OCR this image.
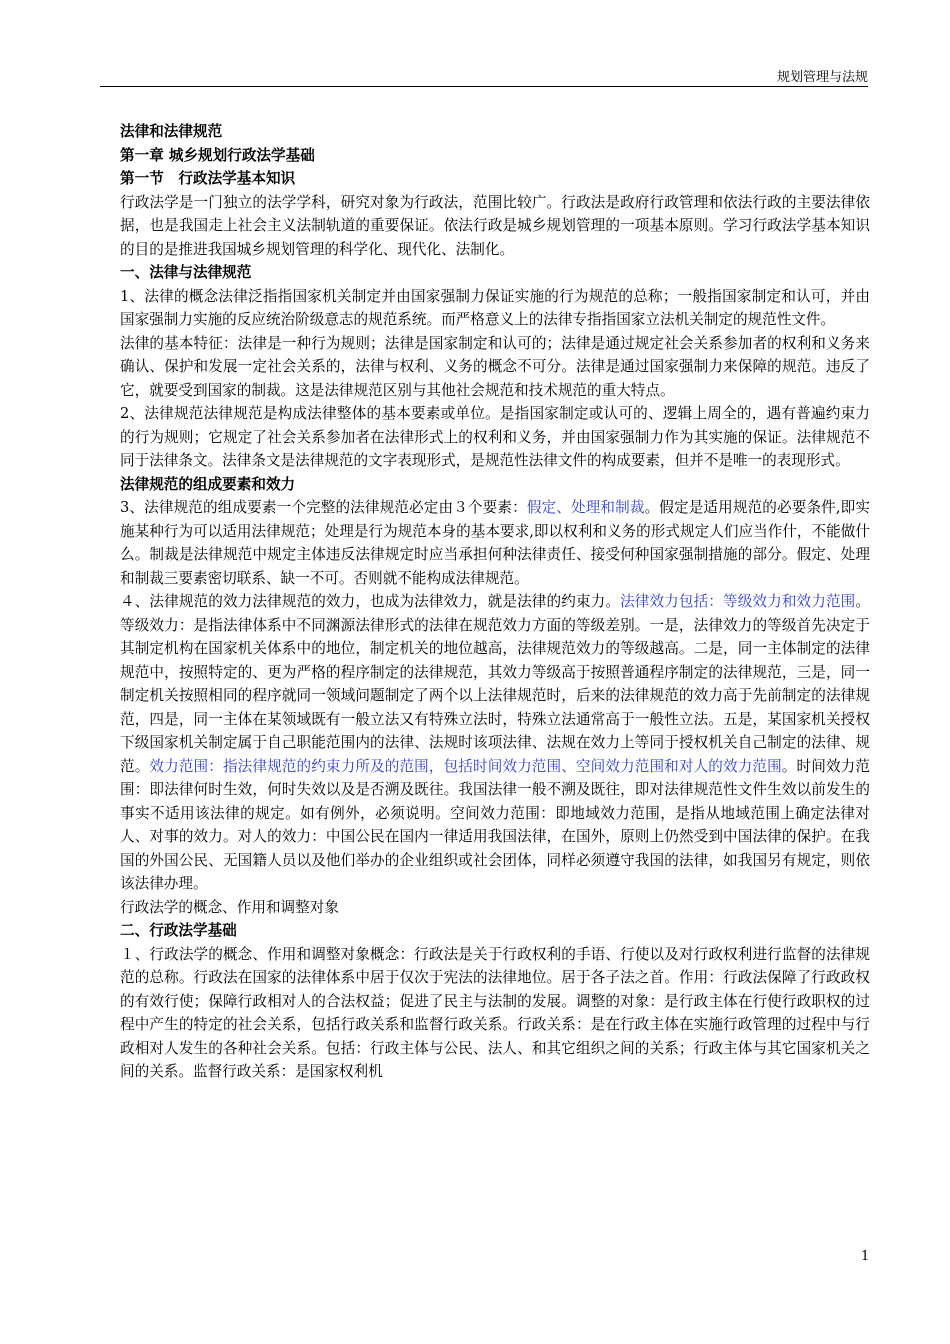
规划管理与法规

法律和法律规范

第一章 城乡规划行政法学基础

第一节　行政法学基本知识

行政法学是一门独立的法学学科，研究对象为行政法，范围比较广。行政法是政府行政管理和依法行政的主要法律依据，也是我国走上社会主义法制轨道的重要保证。依法行政是城乡规划管理的一项基本原则。学习行政法学基本知识的目的是推进我国城乡规划管理的科学化、现代化、法制化。

一、法律与法律规范

1、法律的概念法律泛指指国家机关制定并由国家强制力保证实施的行为规范的总称；一般指国家制定和认可，并由国家强制力实施的反应统治阶级意志的规范系统。而严格意义上的法律专指指国家立法机关制定的规范性文件。

法律的基本特征：法律是一种行为规则；法律是国家制定和认可的；法律是通过规定社会关系参加者的权利和义务来确认、保护和发展一定社会关系的，法律与权利、义务的概念不可分。法律是通过国家强制力来保障的规范。违反了它，就要受到国家的制裁。这是法律规范区别与其他社会规范和技术规范的重大特点。

2、法律规范法律规范是构成法律整体的基本要素或单位。是指国家制定或认可的、逻辑上周全的，遇有普遍约束力的行为规则；它规定了社会关系参加者在法律形式上的权利和义务，并由国家强制力作为其实施的保证。法律规范不同于法律条文。法律条文是法律规范的文字表现形式，是规范性法律文件的构成要素，但并不是唯一的表现形式。

法律规范的组成要素和效力

3、法律规范的组成要素一个完整的法律规范必定由３个要素：假定、处理和制裁。假定是适用规范的必要条件,即实施某种行为可以适用法律规范；处理是行为规范本身的基本要求,即以权利和义务的形式规定人们应当作什，不能做什么。制裁是法律规范中规定主体违反法律规定时应当承担何种法律责任、接受何种国家强制措施的部分。假定、处理和制裁三要素密切联系、缺一不可。否则就不能构成法律规范。

４、法律规范的效力法律规范的效力，也成为法律效力，就是法律的约束力。法律效力包括：等级效力和效力范围。等级效力：是指法律体系中不同渊源法律形式的法律在规范效力方面的等级差别。一是，法律效力的等级首先决定于其制定机构在国家机关体系中的地位，制定机关的地位越高，法律规范效力的等级越高。二是，同一主体制定的法律规范中，按照特定的、更为严格的程序制定的法律规范，其效力等级高于按照普通程序制定的法律规范，三是，同一制定机关按照相同的程序就同一领域问题制定了两个以上法律规范时，后来的法律规范的效力高于先前制定的法律规范，四是，同一主体在某领域既有一般立法又有特殊立法时，特殊立法通常高于一般性立法。五是，某国家机关授权下级国家机关制定属于自己职能范围内的法律、法规时该项法律、法规在效力上等同于授权机关自己制定的法律、规范。效力范围：指法律规范的约束力所及的范围，包括时间效力范围、空间效力范围和对人的效力范围。时间效力范围：即法律何时生效，何时失效以及是否溯及既往。我国法律一般不溯及既往，即对法律规范性文件生效以前发生的事实不适用该法律的规定。如有例外，必须说明。空间效力范围：即地域效力范围，是指从地域范围上确定法律对人、对事的效力。对人的效力：中国公民在国内一律适用我国法律，在国外，原则上仍然受到中国法律的保护。在我国的外国公民、无国籍人员以及他们举办的企业组织或社会团体，同样必须遵守我国的法律，如我国另有规定，则依该法律办理。

行政法学的概念、作用和调整对象

二、行政法学基础

１、行政法学的概念、作用和调整对象概念：行政法是关于行政权利的手语、行使以及对行政权利进行监督的法律规范的总称。行政法在国家的法律体系中居于仅次于宪法的法律地位。居于各子法之首。作用：行政法保障了行政政权的有效行使；保障行政相对人的合法权益；促进了民主与法制的发展。调整的对象：是行政主体在行使行政职权的过程中产生的特定的社会关系，包括行政关系和监督行政关系。行政关系：是在行政主体在实施行政管理的过程中与行政相对人发生的各种社会关系。包括：行政主体与公民、法人、和其它组织之间的关系；行政主体与其它国家机关之间的关系。监督行政关系：是国家权利机

1
